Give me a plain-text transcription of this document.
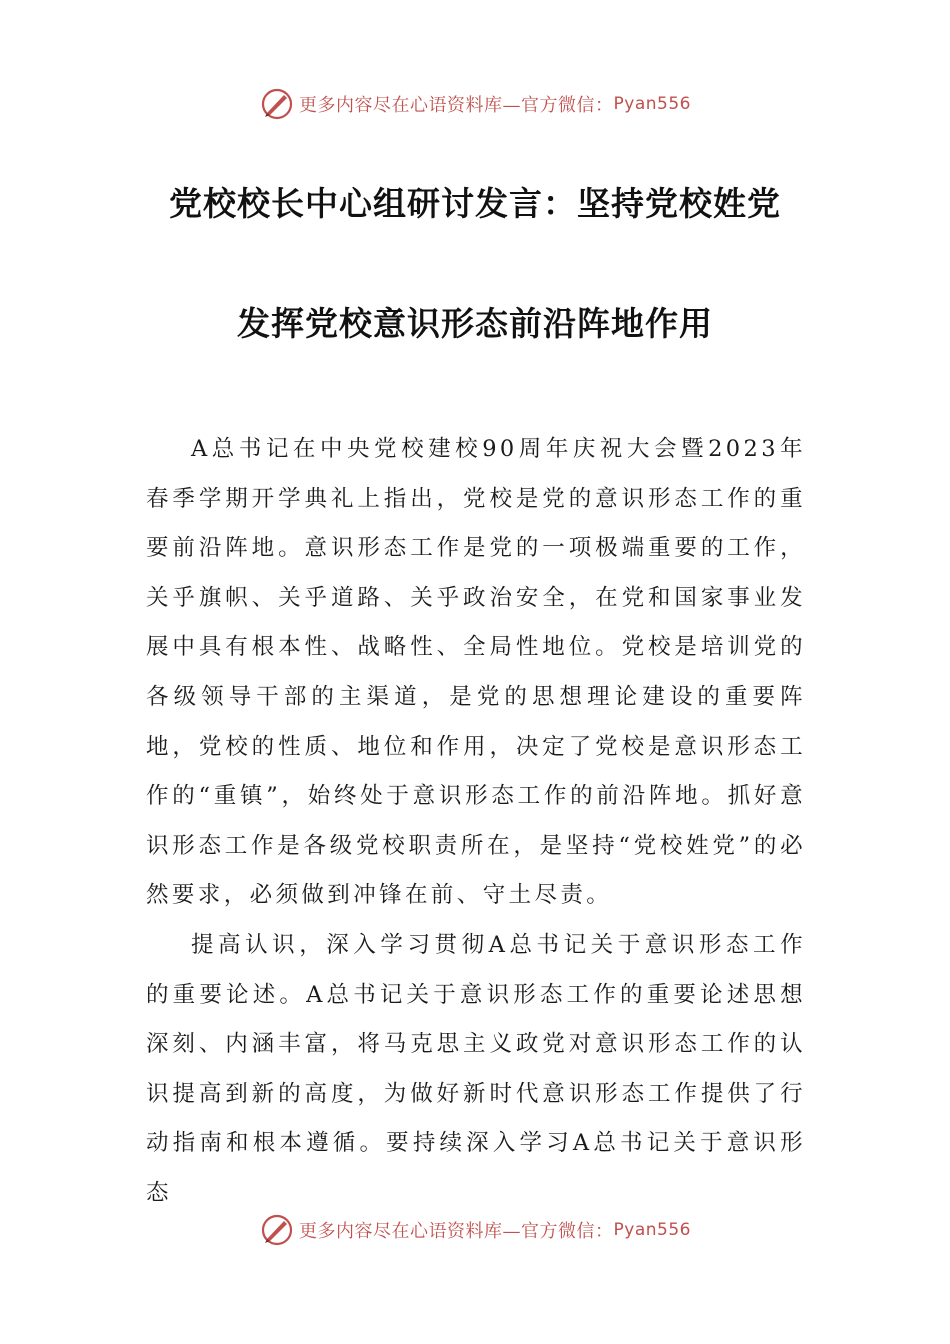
更多内容尽在心语资料库—官方微信： Pyan556
党校校长中心组研讨发言：坚持党校姓党
发挥党校意识形态前沿阵地作用

A总书记在中央党校建校90周年庆祝大会暨2023年春季学期开学典礼上指出，党校是党的意识形态工作的重要前沿阵地。意识形态工作是党的一项极端重要的工作，关乎旗帜、关乎道路、关乎政治安全，在党和国家事业发展中具有根本性、战略性、全局性地位。党校是培训党的各级领导干部的主渠道，是党的思想理论建设的重要阵地，党校的性质、地位和作用，决定了党校是意识形态工作的“重镇”，始终处于意识形态工作的前沿阵地。抓好意识形态工作是各级党校职责所在，是坚持“党校姓党”的必然要求，必须做到冲锋在前、守土尽责。

提高认识，深入学习贯彻A总书记关于意识形态工作的重要论述。A总书记关于意识形态工作的重要论述思想深刻、内涵丰富，将马克思主义政党对意识形态工作的认识提高到新的高度，为做好新时代意识形态工作提供了行动指南和根本遵循。要持续深入学习A总书记关于意识形态

更多内容尽在心语资料库—官方微信： Pyan556
